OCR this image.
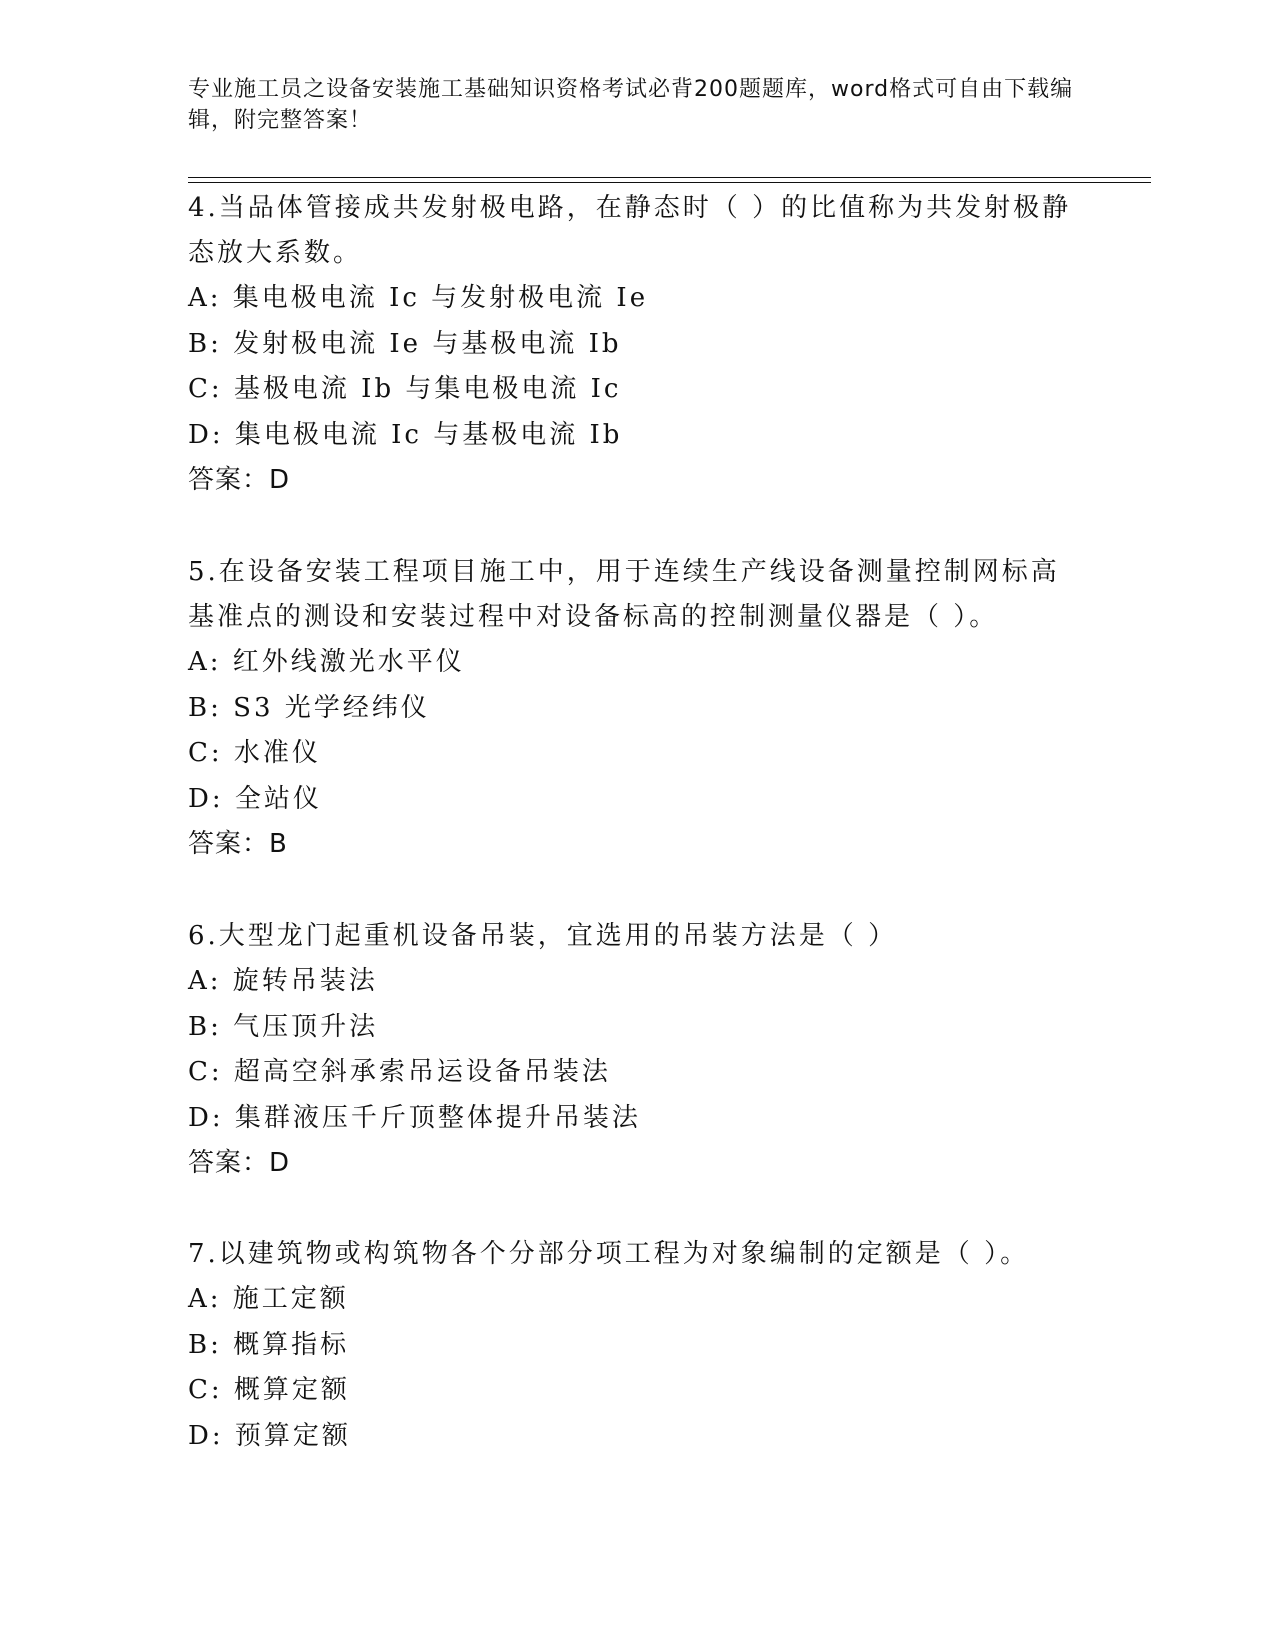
专业施工员之设备安装施工基础知识资格考试必背200题题库，word格式可自由下载编辑，附完整答案！
4.当品体管接成共发射极电路，在静态时（ ）的比值称为共发射极静态放大系数。
A: 集电极电流 Ic 与发射极电流 Ie
B: 发射极电流 Ie 与基极电流 Ib
C: 基极电流 Ib 与集电极电流 Ic
D: 集电极电流 Ic 与基极电流 Ib
答案：D
5.在设备安装工程项目施工中，用于连续生产线设备测量控制网标高基准点的测设和安装过程中对设备标高的控制测量仪器是（ ）。
A: 红外线激光水平仪
B: S3 光学经纬仪
C: 水准仪
D: 全站仪
答案：B
6.大型龙门起重机设备吊装，宜选用的吊装方法是（ ）
A: 旋转吊装法
B: 气压顶升法
C: 超高空斜承索吊运设备吊装法
D: 集群液压千斤顶整体提升吊装法
答案：D
7.以建筑物或构筑物各个分部分项工程为对象编制的定额是（ ）。
A: 施工定额
B: 概算指标
C: 概算定额
D: 预算定额
